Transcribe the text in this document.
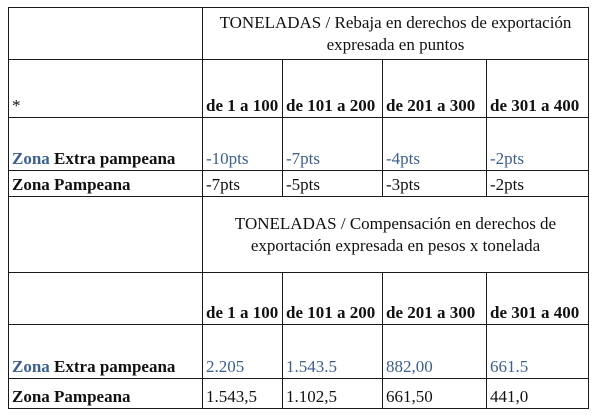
	TONELADAS / Rebaja en derechos de exportación expresada en puntos			
*	de 1 a 100	de 101 a 200	de 201 a 300	de 301 a 400
Zona Extra pampeana	-10pts	-7pts	-4pts	-2pts
Zona Pampeana	-7pts	-5pts	-3pts	-2pts
	TONELADAS / Compensación en derechos de exportación expresada en pesos x tonelada			
	de 1 a 100	de 101 a 200	de 201 a 300	de 301 a 400
Zona Extra pampeana	2.205	1.543.5	882,00	661.5
Zona Pampeana	1.543,5	1.102,5	661,50	441,0
